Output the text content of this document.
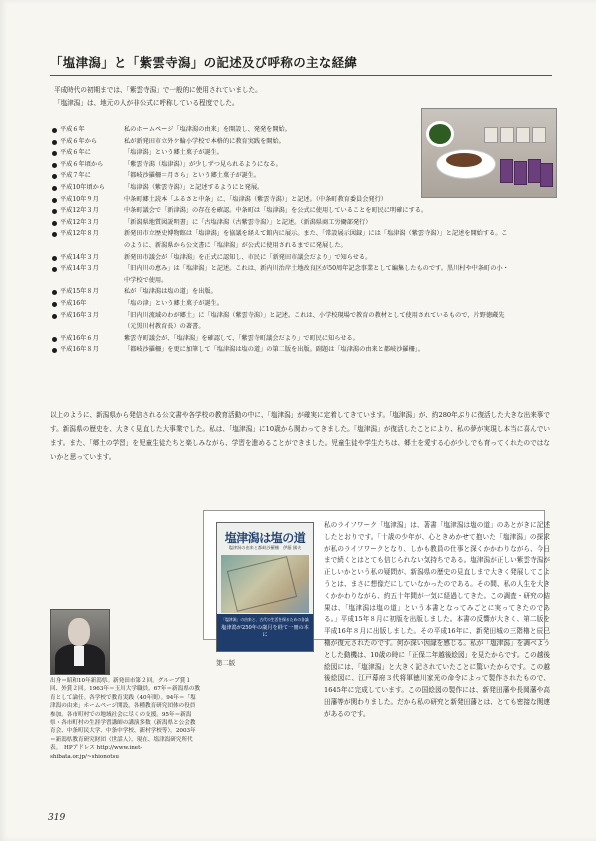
「塩津潟」と「紫雲寺潟」の記述及び呼称の主な経緯
平成時代の初期までは、「紫雲寺潟」で一般的に使用されていました。
「塩津潟」は、地元の人が非公式に呼称している程度でした。
平成６年	私のホームページ「塩津潟の由来」を開設し、発発を開始。
平成６年から	私が新発田市立外ケ輪小学校で本格的に教育実践を開始。
平成６年に	「塩津潟」という郷土菓子が誕生。
平成６年頃から	「紫雲寺潟（塩津潟）」が少しずつ見られるようになる。
平成７年に	「都岐沙羅柵＝月さら」という郷土菓子が誕生。
平成10年頃から	「塩津潟（紫雲寺潟）」と記述するようにと発展。
平成10年９月	中条町郷土読本「ふるさと中条」に、「塩津潟（紫雲寺潟）」と記述。（中条町教育委員会発行）
平成12年３月	中条町議会で「新津潟」の存在を確認。中条町は「塩津潟」を公式に使用していることを町民に明確にする。
平成12年３月	「新潟県地質図説明書」に「古塩津潟（古紫雲寺潟）」と記述。（新潟県商工労働部発行）
平成12年８月	新発田市立歴史博物館は「塩津潟」を協議を経えて館内に展示。また、「常設展示図録」には「塩津潟（紫雲寺潟）」と記述を開始する。このように、新潟県から公文書に「塩津潟」が公式に使用されるまでに発展した。
平成14年３月	新発田市議会が「塩津潟」を正式に認知し、市民に「新発田市議会だより」で知らせる。
平成14年３月	「旧内川の恵み」は「塩津潟」と記述。これは、新内川治岸土地改良区が50周年記念事業として編集したものです。黒川村や中条町の小・中学校で使用。
平成15年８月	私が「塩津潟は塩の道」を出版。
平成16年	「塩の津」という郷土菓子が誕生。
平成16年３月	「旧内川流域のわが郷土」に「塩津潟（紫雲寺潟）」と記述。これは、小学校現場で教育の教材として使用されているもので、片野徳蔵先（元黒川村教育長）の著書。
平成16年６月	紫雲寺町議会が、「塩津潟」を確認して、「紫雲寺町議会だより」で町民に知らせる。
平成16年８月	「都岐沙羅柵」を更に加筆して「塩津潟は塩の道」の第二版を出版。副題は「塩津潟の由来と都岐沙羅柵」。
以上のように、新潟県から発信される公文書や各学校の教育活動の中に、「塩津潟」が確実に定着してきています。「塩津潟」が、約280年ぶりに復活した大きな出来事です。新潟県の歴史を、大きく見直した大事業でした。私は、「塩津潟」に10歳から関わってきました。「塩津潟」が復活したことにより、私の夢が実現し本当に喜んでいます。また、「郷土の学習」を児童生徒たちと楽しみながら、学習を進めることができました。児童生徒や学生たちは、郷土を愛する心が少しでも育ってくれたのではないかと思っています。
塩津潟は塩の道
塩津潟の由来と都岐沙羅柵　伊藤 國夫
「塩津潟」の由来と、古代の生活を探るための各論
塩津潟が250年の歳月を経て一冊の本に
第二版
私のライフワーク「塩津潟」は、著書「塩津潟は塩の道」のあとがきに記述したとおりです。「十歳の少年が、心ときめかせて抱いた「塩津潟」の探求が私のライフワークとなり、しかも教員の仕事と深くかかわりながら、今日まで続くとはとても信じられない気持ちである。塩津潟が正しい紫雲寺潟が正しいかという私の疑問が、新潟県の歴史の見直しまで大きく発展してこようとは、まさに想像だにしていなかったのである。その間、私の人生を大きくかかわりながら、約五十年間が一気に経過してきた。この調査・研究の結果は、「塩津潟は塩の道」という本書となってみごとに実ってきたのである。」平成15年８月に初版を出版しました。本書の反響が大きく、第二版を平成16年８月に出版しました。その平成16年に、新発田城の三階櫓と辰巳櫓が復元されたのです。何か深い因縁を感じる。私が「塩津潟」を調べようとした動機は、10歳の時に「正保二年越後絵図」を見たからです。この越後絵図には、「塩津潟」と大きく記されていたことに驚いたからです。この越後絵図に、江戸幕府３代将軍徳川家光の命令によって製作されたもので、1645年に完成しています。この国絵図の製作には、新発田藩や長岡藩や高田藩等が関わりました。だから私の研究と新発田藩とは、とても密接な関連があるのです。
出身＝昭和10年新潟県。新発田市第２回。グループ賞１回、外賞２回。1963年＝玉川大学職員。67年＝新潟県の教育として論任。各学校で教育実践（40年間）。94年＝「塩津潟の由来」ホームページ開設。各種教育研究団体の役員参加。各市町村での地域社会に尽くの支援。95年＝新潟県・各市町村の生涯学習講師の講演多数（新潟県と公会教育会、中条町民大学、中条中学校、新村学校等）。2003年＝新潟県教育研究財団（世話人）。現在、塩津潟研究所代表。　HPアドレス http://www.inet-shibata.or.jp/~shionotsu
319
